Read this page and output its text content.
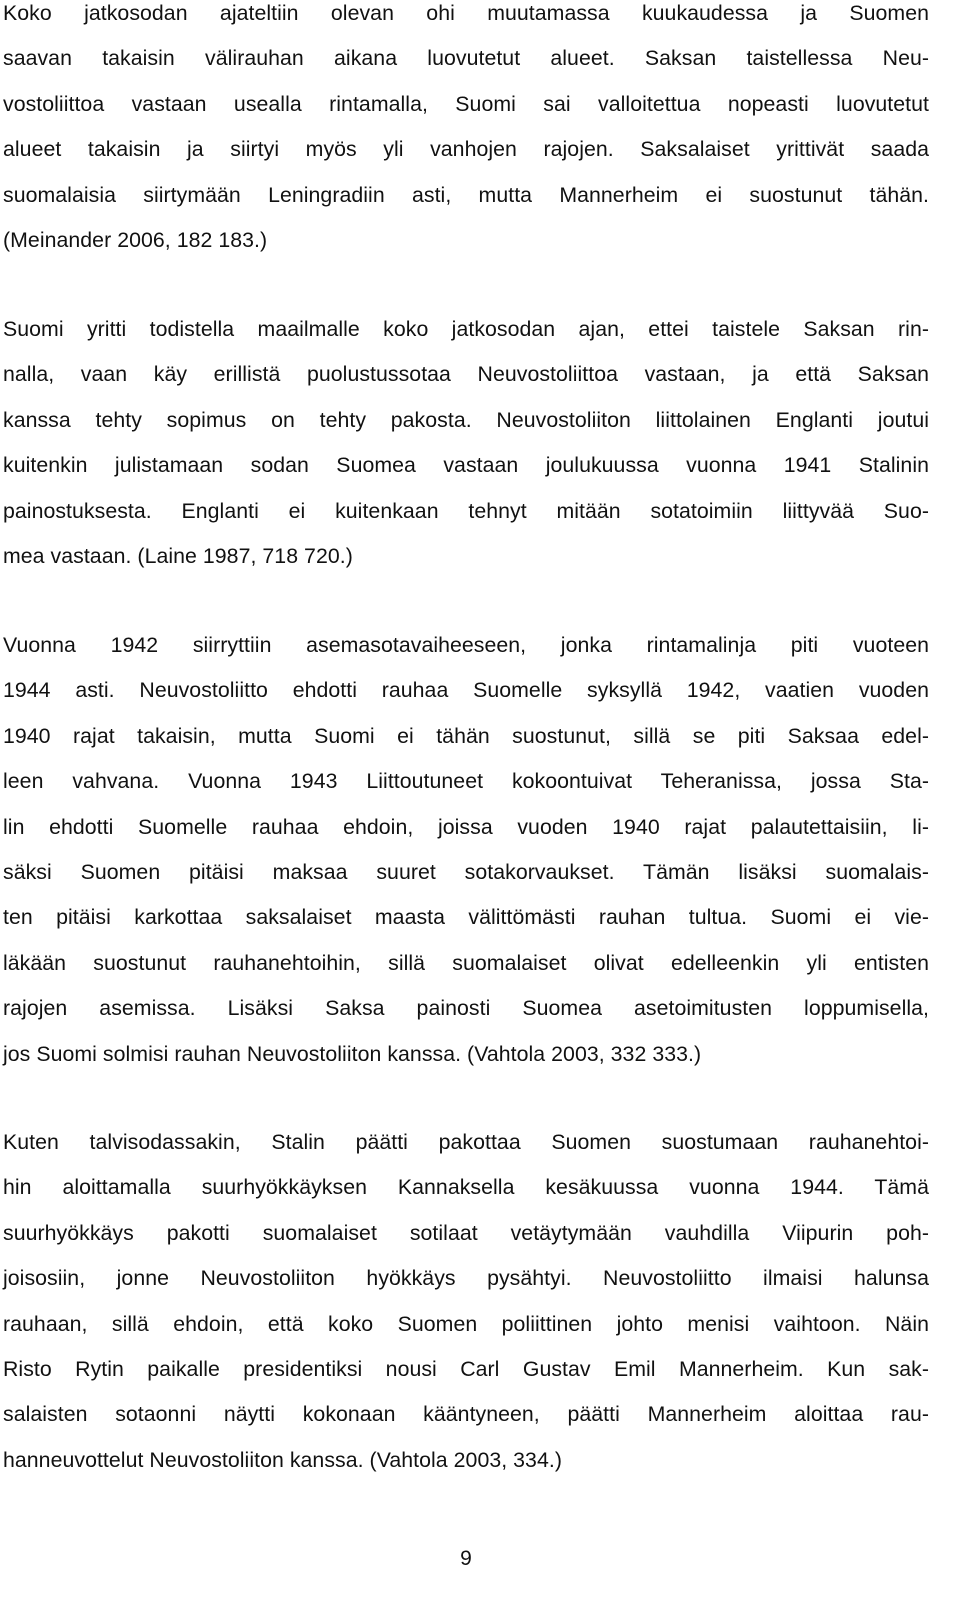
Koko jatkosodan ajateltiin olevan ohi muutamassa kuukaudessa ja Suomen
saavan takaisin välirauhan aikana luovutetut alueet. Saksan taistellessa Neu-
vostoliittoa vastaan usealla rintamalla, Suomi sai valloitettua nopeasti luovutetut
alueet takaisin ja siirtyi myös yli vanhojen rajojen. Saksalaiset yrittivät saada
suomalaisia siirtymään Leningradiin asti, mutta Mannerheim ei suostunut tähän.
(Meinander 2006, 182 183.)
Suomi yritti todistella maailmalle koko jatkosodan ajan, ettei taistele Saksan rin-
nalla, vaan käy erillistä puolustussotaa Neuvostoliittoa vastaan, ja että Saksan
kanssa tehty sopimus on tehty pakosta. Neuvostoliiton liittolainen Englanti joutui
kuitenkin julistamaan sodan Suomea vastaan joulukuussa vuonna 1941 Stalinin
painostuksesta. Englanti ei kuitenkaan tehnyt mitään sotatoimiin liittyvää Suo-
mea vastaan. (Laine 1987, 718 720.)
Vuonna 1942 siirryttiin asemasotavaiheeseen, jonka rintamalinja piti vuoteen
1944 asti. Neuvostoliitto ehdotti rauhaa Suomelle syksyllä 1942, vaatien vuoden
1940 rajat takaisin, mutta Suomi ei tähän suostunut, sillä se piti Saksaa edel-
leen vahvana. Vuonna 1943 Liittoutuneet kokoontuivat Teheranissa, jossa Sta-
lin ehdotti Suomelle rauhaa ehdoin, joissa vuoden 1940 rajat palautettaisiin, li-
säksi Suomen pitäisi maksaa suuret sotakorvaukset. Tämän lisäksi suomalais-
ten pitäisi karkottaa saksalaiset maasta välittömästi rauhan tultua. Suomi ei vie-
läkään suostunut rauhanehtoihin, sillä suomalaiset olivat edelleenkin yli entisten
rajojen asemissa. Lisäksi Saksa painosti Suomea asetoimitusten loppumisella,
jos Suomi solmisi rauhan Neuvostoliiton kanssa. (Vahtola 2003, 332 333.)
Kuten talvisodassakin, Stalin päätti pakottaa Suomen suostumaan rauhanehtoi-
hin aloittamalla suurhyökkäyksen Kannaksella kesäkuussa vuonna 1944. Tämä
suurhyökkäys pakotti suomalaiset sotilaat vetäytymään vauhdilla Viipurin poh-
joisosiin, jonne Neuvostoliiton hyökkäys pysähtyi. Neuvostoliitto ilmaisi halunsa
rauhaan, sillä ehdoin, että koko Suomen poliittinen johto menisi vaihtoon. Näin
Risto Rytin paikalle presidentiksi nousi Carl Gustav Emil Mannerheim. Kun sak-
salaisten sotaonni näytti kokonaan kääntyneen, päätti Mannerheim aloittaa rau-
hanneuvottelut Neuvostoliiton kanssa. (Vahtola 2003, 334.)
9
